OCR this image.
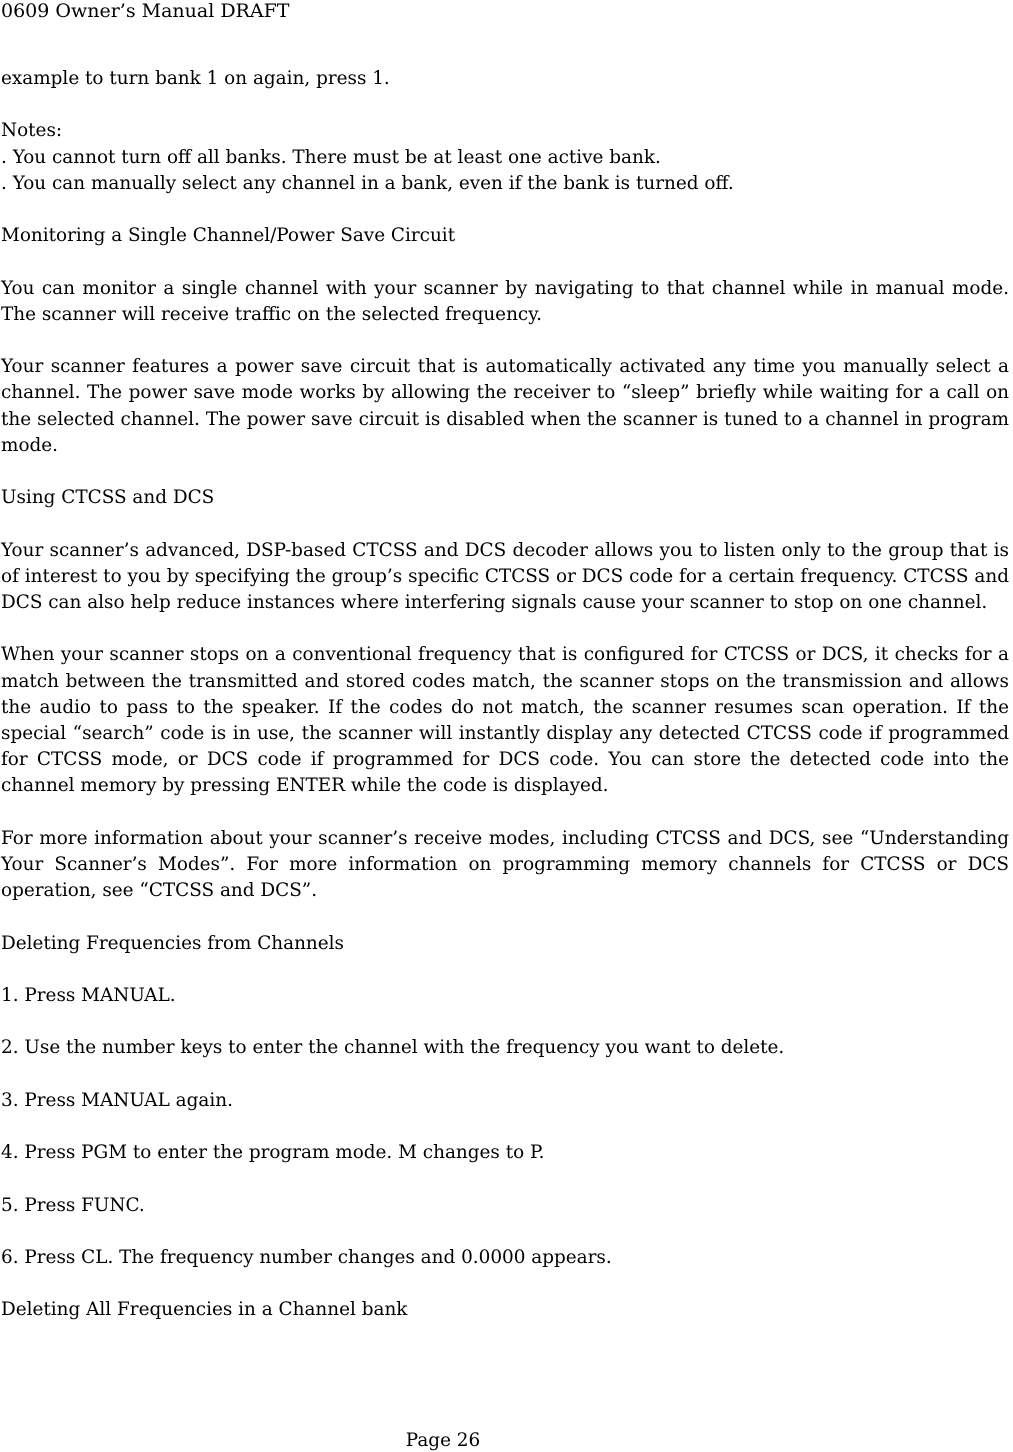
0609 Owner’s Manual DRAFT

example to turn bank 1 on again, press 1.

Notes:

. You cannot turn off all banks. There must be at least one active bank.

. You can manually select any channel in a bank, even if the bank is turned off.

Monitoring a Single Channel/Power Save Circuit

You can monitor a single channel with your scanner by navigating to that channel while in manual mode. The scanner will receive traffic on the selected frequency.

Your scanner features a power save circuit that is automatically activated any time you manually select a channel. The power save mode works by allowing the receiver to “sleep” briefly while waiting for a call on the selected channel. The power save circuit is disabled when the scanner is tuned to a channel in program mode.

Using CTCSS and DCS

Your scanner’s advanced, DSP-based CTCSS and DCS decoder allows you to listen only to the group that is of interest to you by specifying the group’s specific CTCSS or DCS code for a certain frequency. CTCSS and DCS can also help reduce instances where interfering signals cause your scanner to stop on one channel.

When your scanner stops on a conventional frequency that is configured for CTCSS or DCS, it checks for a match between the transmitted and stored codes match, the scanner stops on the transmission and allows the audio to pass to the speaker. If the codes do not match, the scanner resumes scan operation. If the special “search” code is in use, the scanner will instantly display any detected CTCSS code if programmed for CTCSS mode, or DCS code if programmed for DCS code. You can store the detected code into the channel memory by pressing ENTER while the code is displayed.

For more information about your scanner’s receive modes, including CTCSS and DCS, see “Understanding Your Scanner’s Modes”. For more information on programming memory channels for CTCSS or DCS operation, see “CTCSS and DCS”.

Deleting Frequencies from Channels

1. Press MANUAL.

2. Use the number keys to enter the channel with the frequency you want to delete.

3. Press MANUAL again.

4. Press PGM to enter the program mode. M changes to P.

5. Press FUNC.

6. Press CL. The frequency number changes and 0.0000 appears.

Deleting All Frequencies in a Channel bank

Page 26
